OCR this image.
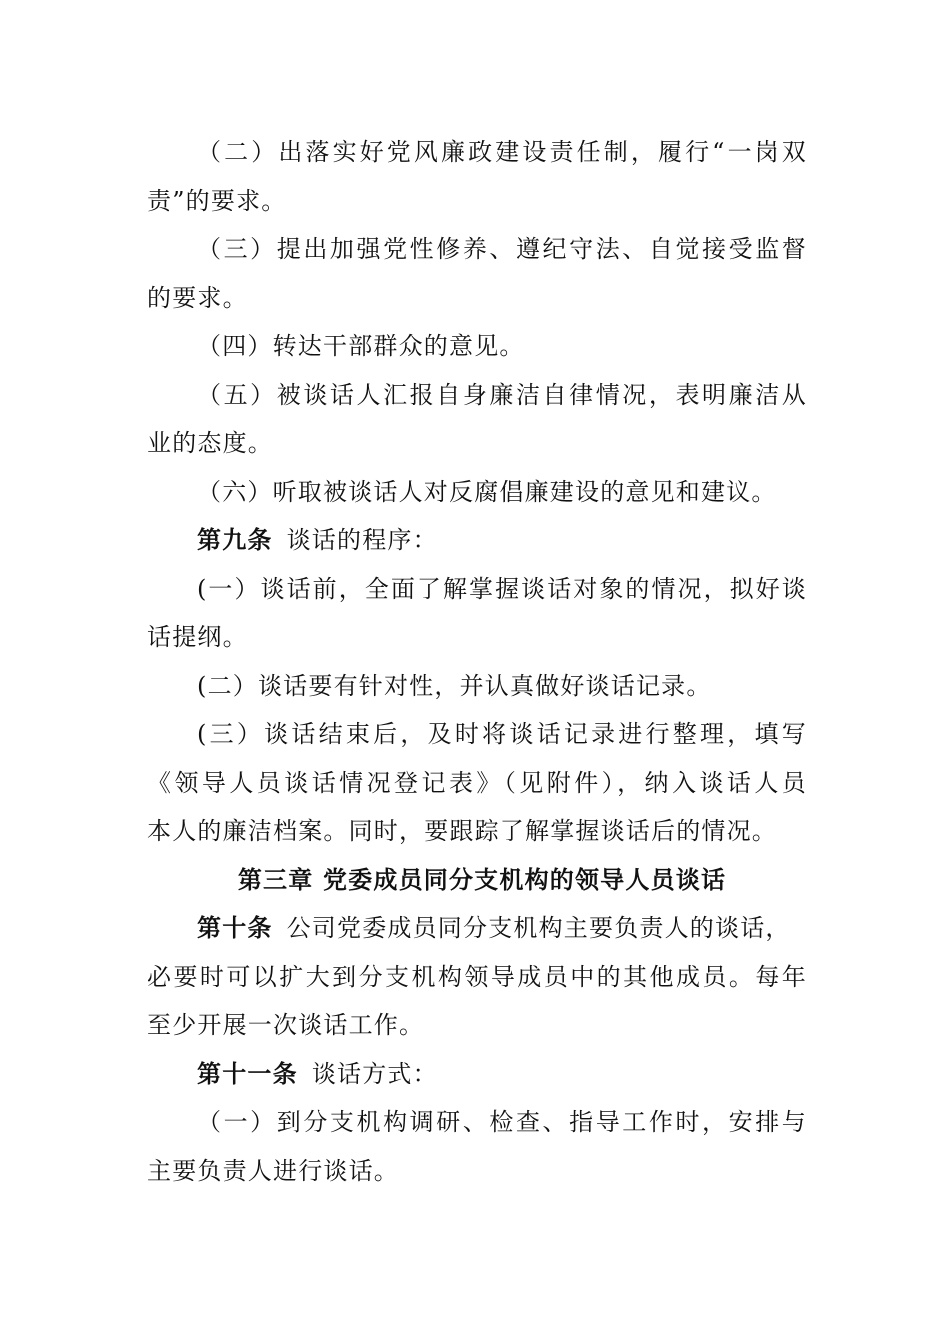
（二）出落实好党风廉政建设责任制，履行“一岗双
责”的要求。
（三）提出加强党性修养、遵纪守法、自觉接受监督
的要求。
（四）转达干部群众的意见。
（五）被谈话人汇报自身廉洁自律情况，表明廉洁从
业的态度。
（六）听取被谈话人对反腐倡廉建设的意见和建议。
第九条 谈话的程序：
(一）谈话前，全面了解掌握谈话对象的情况，拟好谈
话提纲。
(二）谈话要有针对性，并认真做好谈话记录。
(三）谈话结束后，及时将谈话记录进行整理，填写
《领导人员谈话情况登记表》（见附件），纳入谈话人员
本人的廉洁档案。同时，要跟踪了解掌握谈话后的情况。
第三章 党委成员同分支机构的领导人员谈话
第十条 公司党委成员同分支机构主要负责人的谈话，
必要时可以扩大到分支机构领导成员中的其他成员。每年
至少开展一次谈话工作。
第十一条 谈话方式：
（一）到分支机构调研、检查、指导工作时，安排与
主要负责人进行谈话。
